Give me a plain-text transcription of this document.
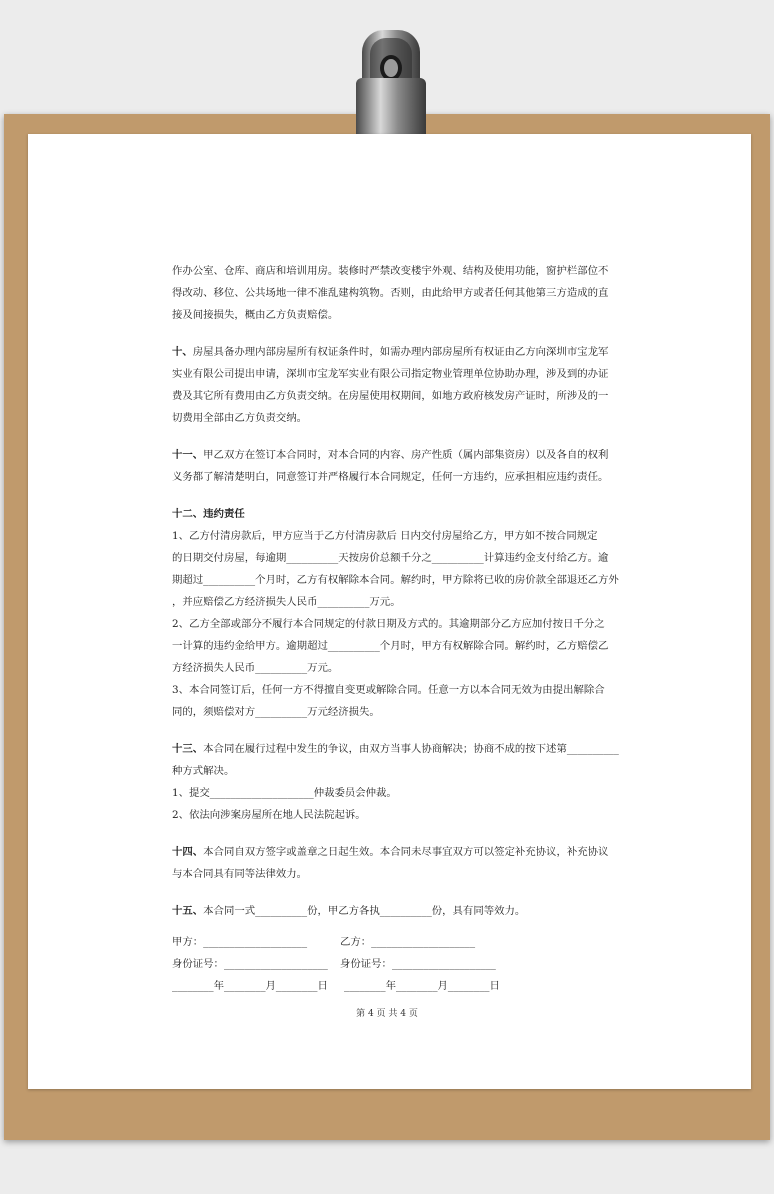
作办公室、仓库、商店和培训用房。装修时严禁改变楼宇外观、结构及使用功能，窗护栏部位不

得改动、移位、公共场地一律不准乱建构筑物。否则，由此给甲方或者任何其他第三方造成的直

接及间接损失，概由乙方负责赔偿。

十、房屋具备办理内部房屋所有权证条件时，如需办理内部房屋所有权证由乙方向深圳市宝龙军

实业有限公司提出申请，深圳市宝龙军实业有限公司指定物业管理单位协助办理，涉及到的办证

费及其它所有费用由乙方负责交纳。在房屋使用权期间，如地方政府核发房产证时，所涉及的一

切费用全部由乙方负责交纳。

十一、甲乙双方在签订本合同时，对本合同的内容、房产性质（属内部集资房）以及各自的权利

义务都了解清楚明白，同意签订并严格履行本合同规定，任何一方违约，应承担相应违约责任。

十二、违约责任

1、乙方付清房款后，甲方应当于乙方付清房款后 日内交付房屋给乙方，甲方如不按合同规定

的日期交付房屋，每逾期__________天按房价总额千分之__________计算违约金支付给乙方。逾

期超过__________个月时，乙方有权解除本合同。解约时，甲方除将已收的房价款全部退还乙方外

，并应赔偿乙方经济损失人民币__________万元。

2、乙方全部或部分不履行本合同规定的付款日期及方式的。其逾期部分乙方应加付按日千分之

一计算的违约金给甲方。逾期超过__________个月时，甲方有权解除合同。解约时，乙方赔偿乙

方经济损失人民币__________万元。

3、本合同签订后，任何一方不得擅自变更或解除合同。任意一方以本合同无效为由提出解除合

同的，须赔偿对方__________万元经济损失。

十三、本合同在履行过程中发生的争议，由双方当事人协商解决；协商不成的按下述第__________

种方式解决。

1、提交____________________仲裁委员会仲裁。

2、依法向涉案房屋所在地人民法院起诉。

十四、本合同自双方签字或盖章之日起生效。本合同未尽事宜双方可以签定补充协议，补充协议

与本合同具有同等法律效力。

十五、本合同一式__________份，甲乙方各执__________份，具有同等效力。

甲方：____________________	乙方：____________________
身份证号：____________________ 身份证号：____________________
________年________月________日 ________年________月________日
第 4 页 共 4 页
